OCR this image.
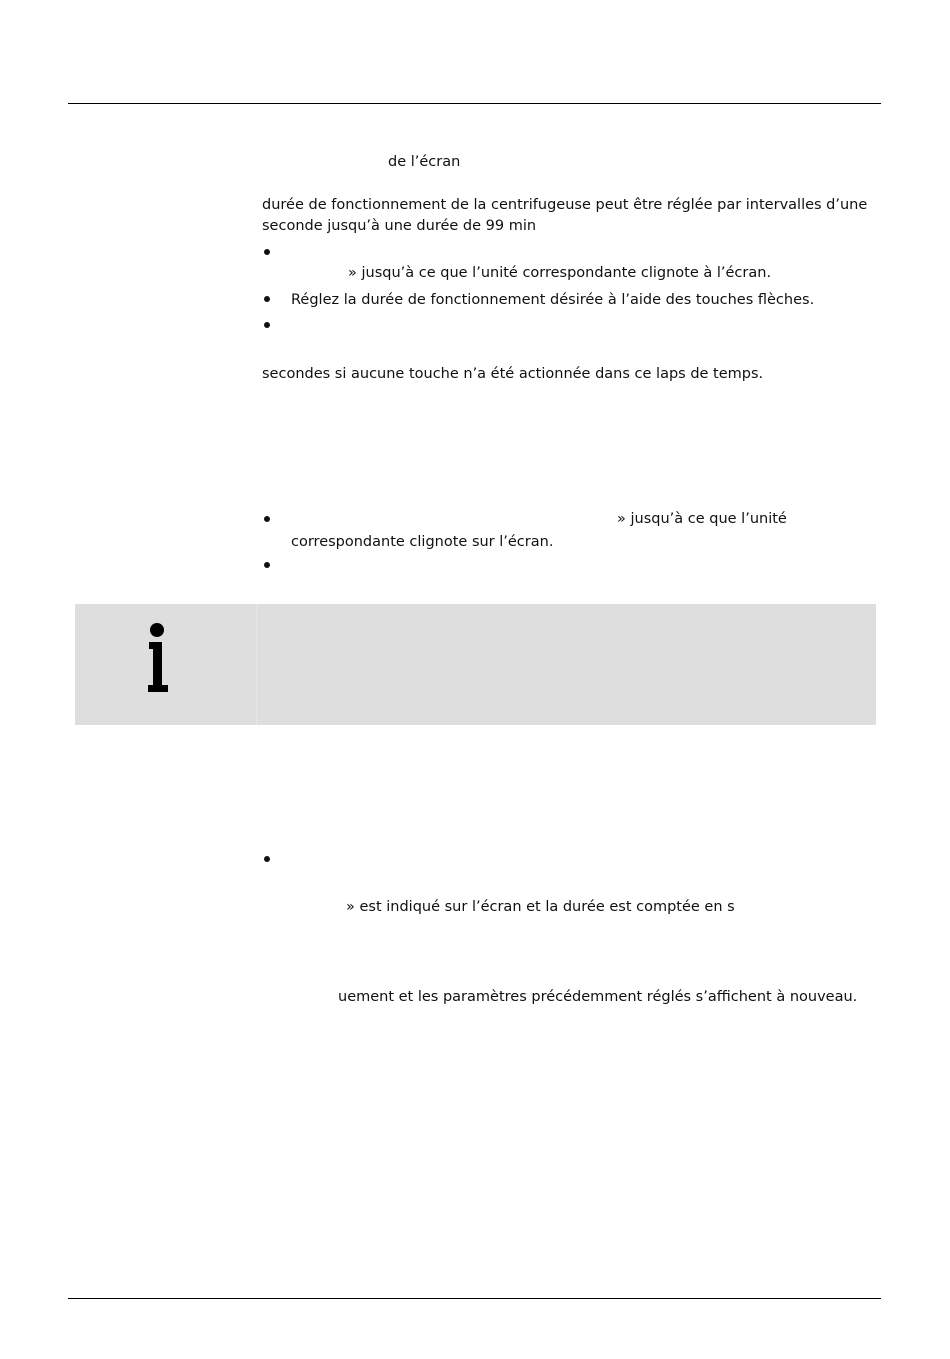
de l’écran
durée de fonctionnement de la centrifugeuse peut être réglée par intervalles d’une
seconde jusqu’à une durée de 99 min
» jusqu’à ce que l’unité correspondante clignote à l’écran.
Réglez la durée de fonctionnement désirée à l’aide des touches flèches.
secondes si aucune touche n’a été actionnée dans ce laps de temps.
» jusqu’à ce que l’unité
correspondante clignote sur l’écran.
» est indiqué sur l’écran et la durée est comptée en s
uement et les paramètres précédemment réglés s’affichent à nouveau.
